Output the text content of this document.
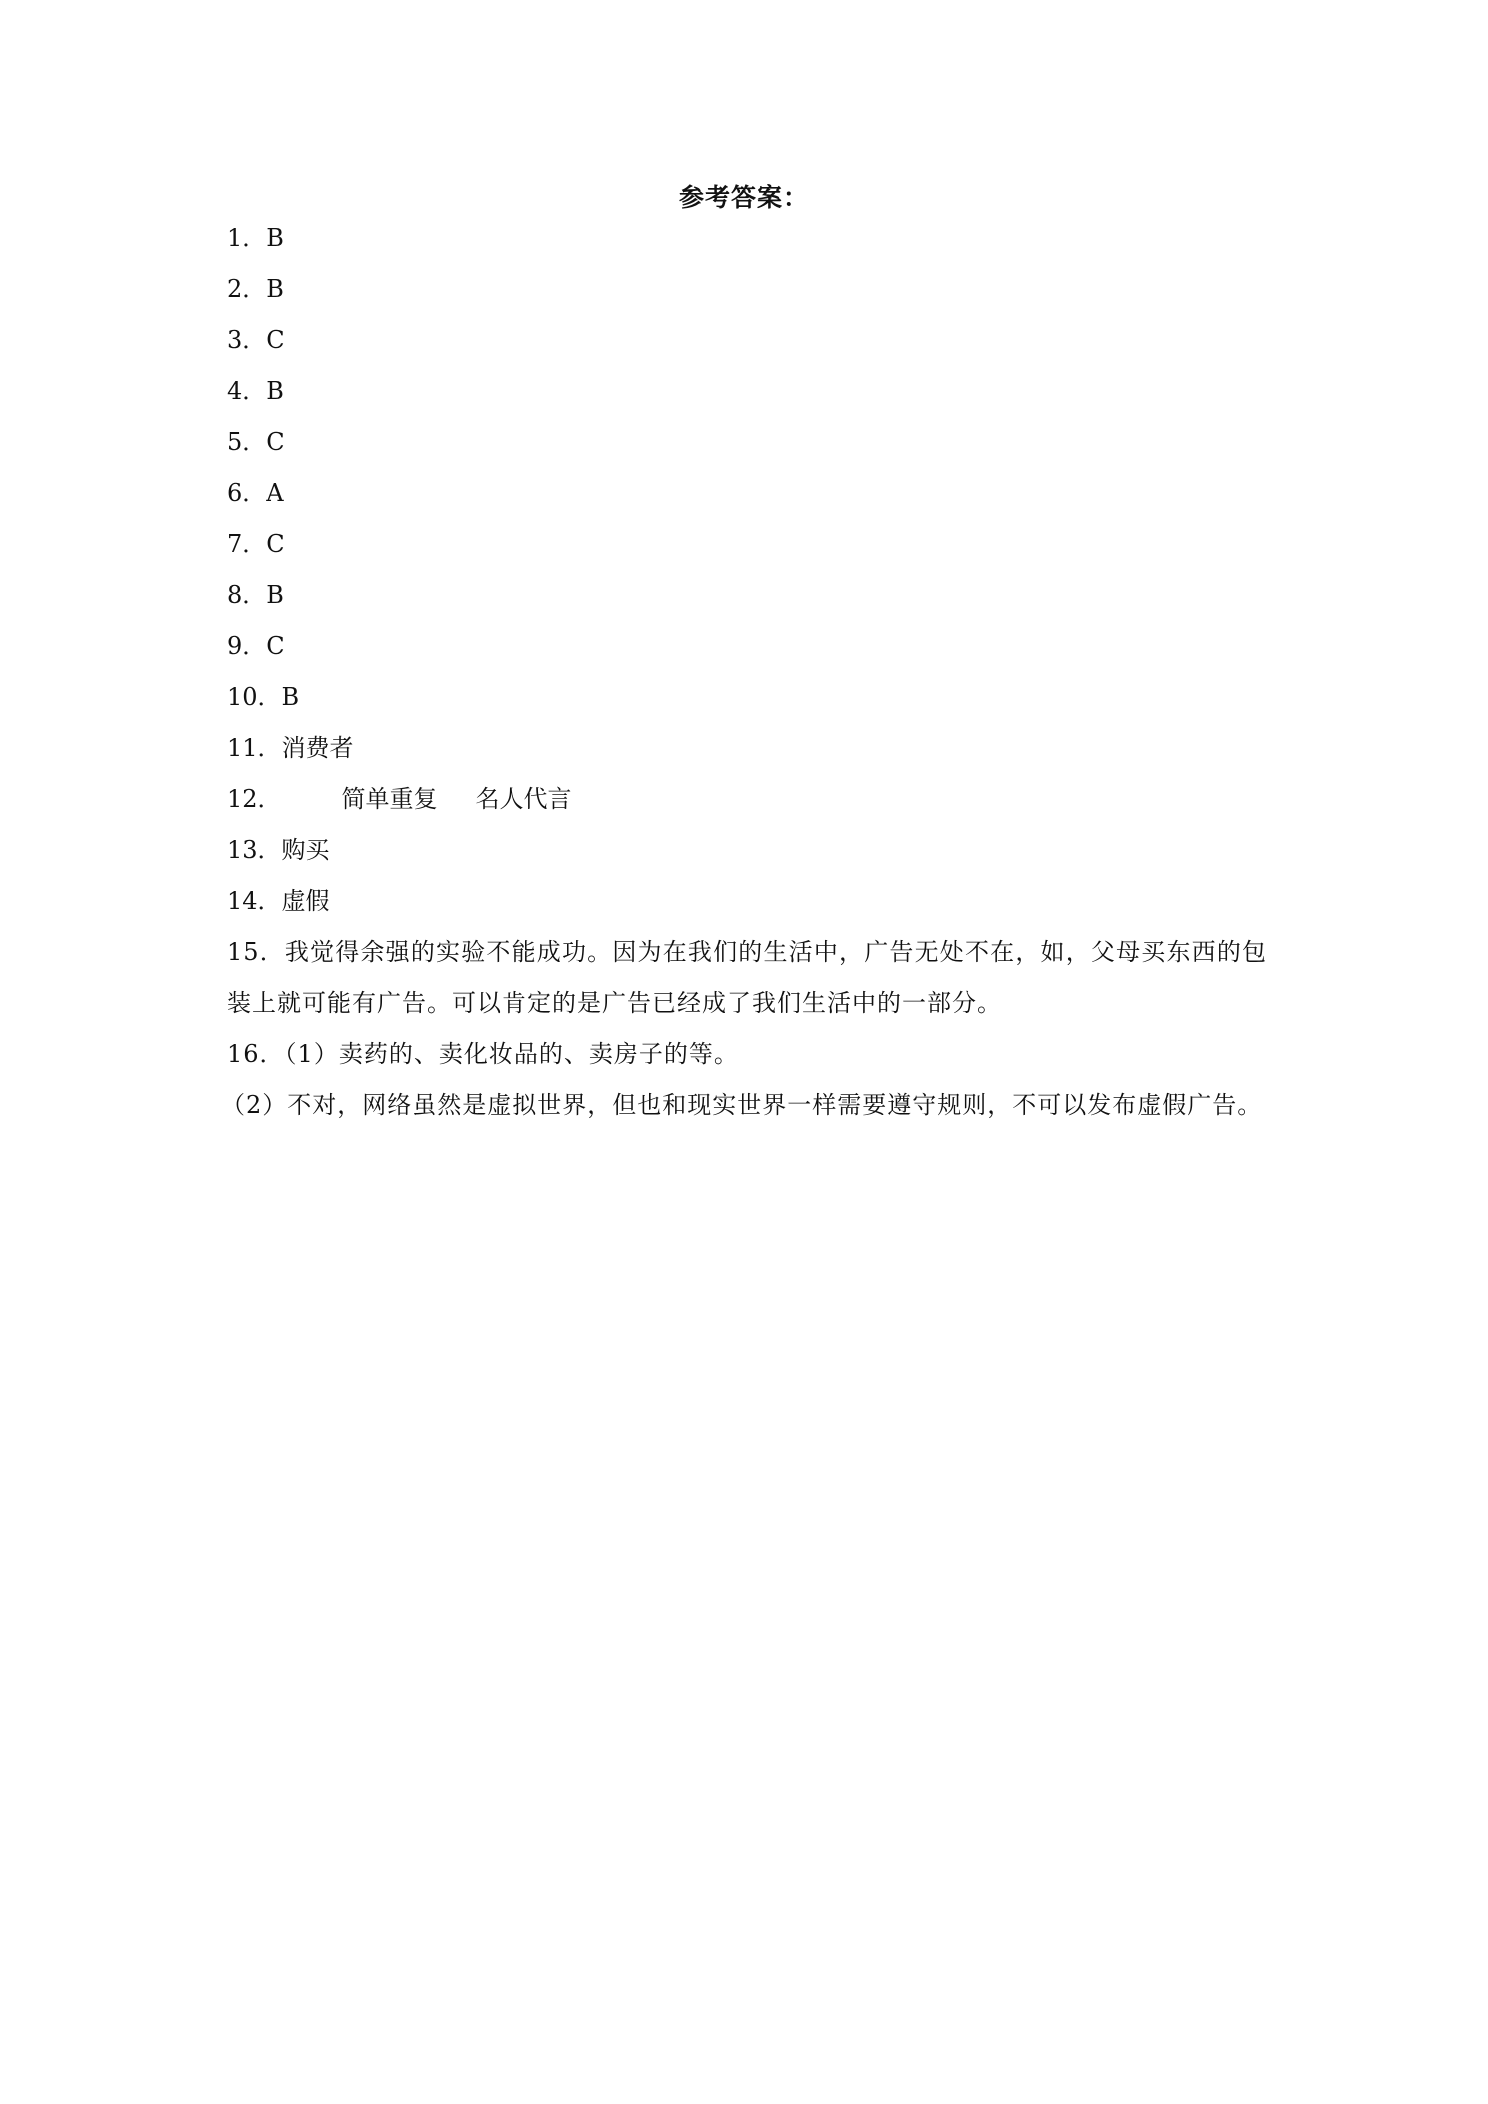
参考答案：
1．B
2．B
3．C
4．B
5．C
6．A
7．C
8．B
9．C
10．B
11．消费者
12．	简单重复 名人代言
13．购买
14．虚假
15．我觉得余强的实验不能成功。因为在我们的生活中，广告无处不在，如，父母买东西的包装上就可能有广告。可以肯定的是广告已经成了我们生活中的一部分。
16．（1）卖药的、卖化妆品的、卖房子的等。
（2）不对，网络虽然是虚拟世界，但也和现实世界一样需要遵守规则，不可以发布虚假广告。
